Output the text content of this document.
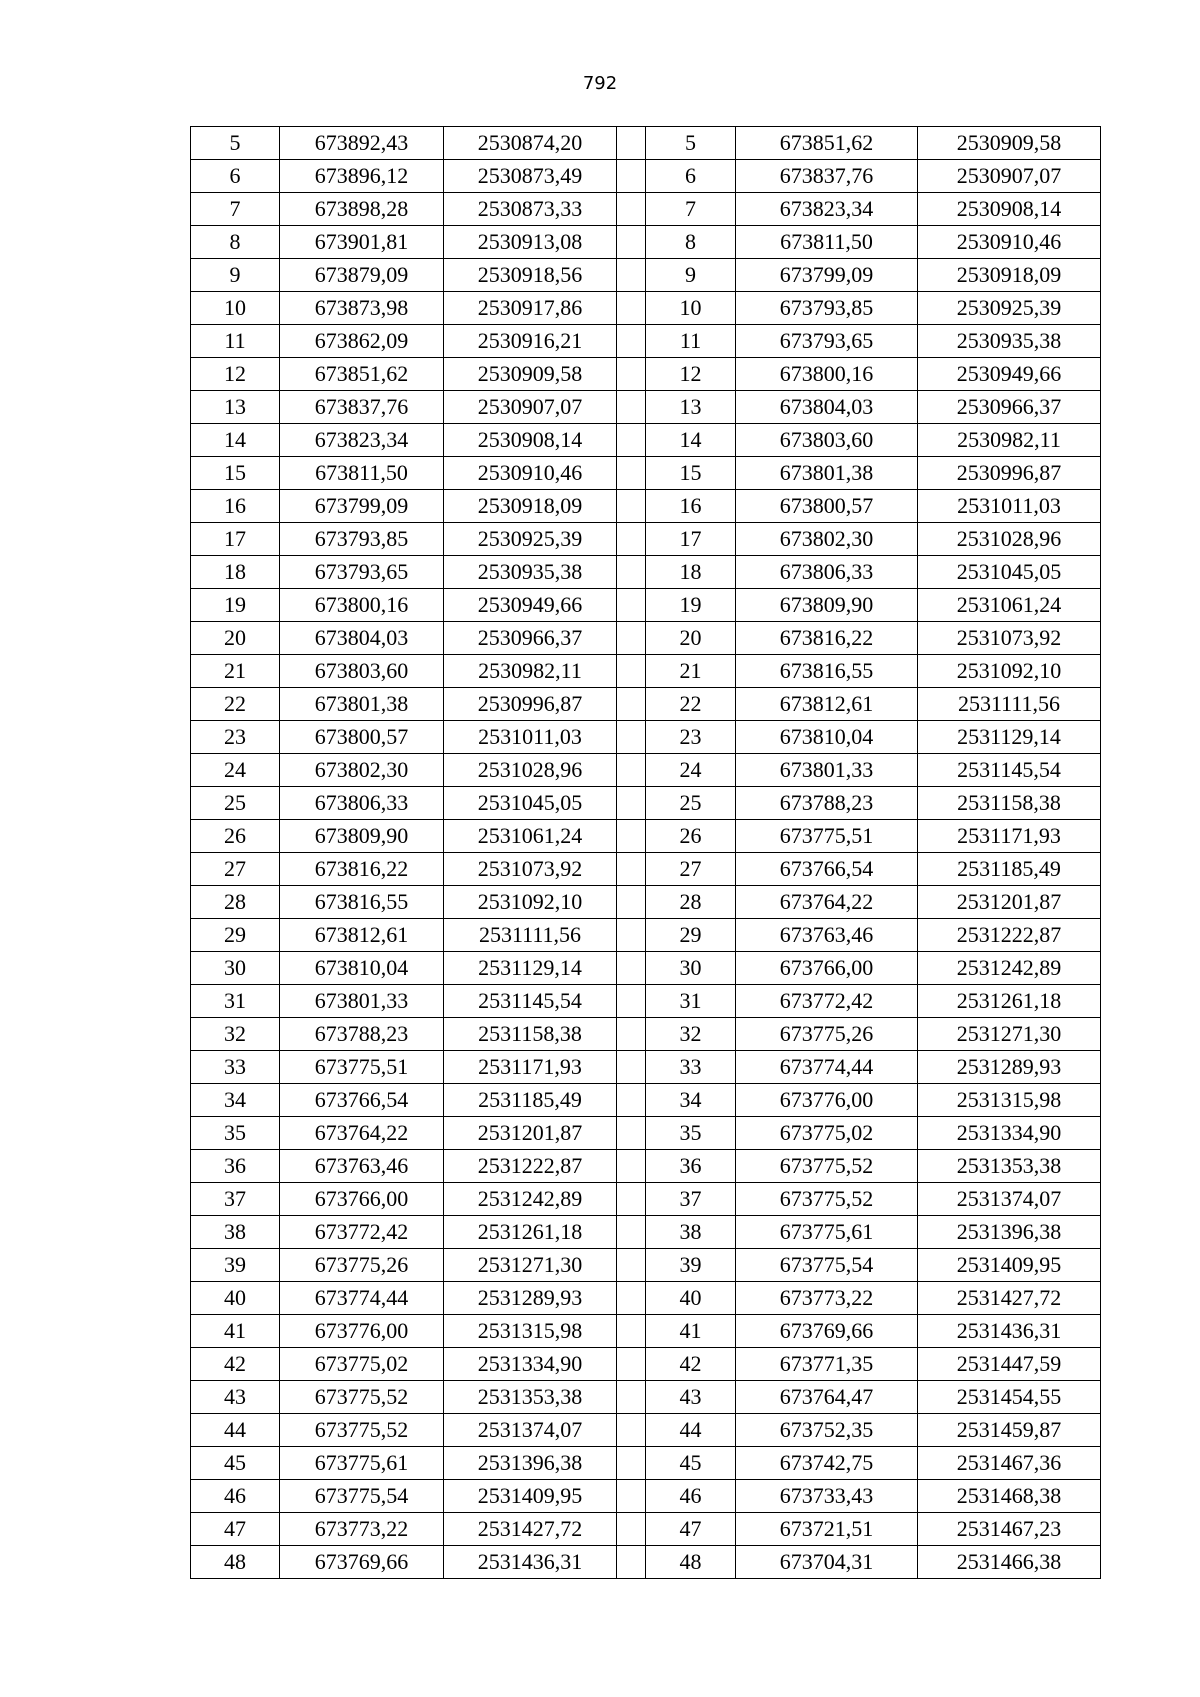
792
5	673892,43	2530874,20		5	673851,62	2530909,58
6	673896,12	2530873,49		6	673837,76	2530907,07
7	673898,28	2530873,33		7	673823,34	2530908,14
8	673901,81	2530913,08		8	673811,50	2530910,46
9	673879,09	2530918,56		9	673799,09	2530918,09
10	673873,98	2530917,86		10	673793,85	2530925,39
11	673862,09	2530916,21		11	673793,65	2530935,38
12	673851,62	2530909,58		12	673800,16	2530949,66
13	673837,76	2530907,07		13	673804,03	2530966,37
14	673823,34	2530908,14		14	673803,60	2530982,11
15	673811,50	2530910,46		15	673801,38	2530996,87
16	673799,09	2530918,09		16	673800,57	2531011,03
17	673793,85	2530925,39		17	673802,30	2531028,96
18	673793,65	2530935,38		18	673806,33	2531045,05
19	673800,16	2530949,66		19	673809,90	2531061,24
20	673804,03	2530966,37		20	673816,22	2531073,92
21	673803,60	2530982,11		21	673816,55	2531092,10
22	673801,38	2530996,87		22	673812,61	2531111,56
23	673800,57	2531011,03		23	673810,04	2531129,14
24	673802,30	2531028,96		24	673801,33	2531145,54
25	673806,33	2531045,05		25	673788,23	2531158,38
26	673809,90	2531061,24		26	673775,51	2531171,93
27	673816,22	2531073,92		27	673766,54	2531185,49
28	673816,55	2531092,10		28	673764,22	2531201,87
29	673812,61	2531111,56		29	673763,46	2531222,87
30	673810,04	2531129,14		30	673766,00	2531242,89
31	673801,33	2531145,54		31	673772,42	2531261,18
32	673788,23	2531158,38		32	673775,26	2531271,30
33	673775,51	2531171,93		33	673774,44	2531289,93
34	673766,54	2531185,49		34	673776,00	2531315,98
35	673764,22	2531201,87		35	673775,02	2531334,90
36	673763,46	2531222,87		36	673775,52	2531353,38
37	673766,00	2531242,89		37	673775,52	2531374,07
38	673772,42	2531261,18		38	673775,61	2531396,38
39	673775,26	2531271,30		39	673775,54	2531409,95
40	673774,44	2531289,93		40	673773,22	2531427,72
41	673776,00	2531315,98		41	673769,66	2531436,31
42	673775,02	2531334,90		42	673771,35	2531447,59
43	673775,52	2531353,38		43	673764,47	2531454,55
44	673775,52	2531374,07		44	673752,35	2531459,87
45	673775,61	2531396,38		45	673742,75	2531467,36
46	673775,54	2531409,95		46	673733,43	2531468,38
47	673773,22	2531427,72		47	673721,51	2531467,23
48	673769,66	2531436,31		48	673704,31	2531466,38
